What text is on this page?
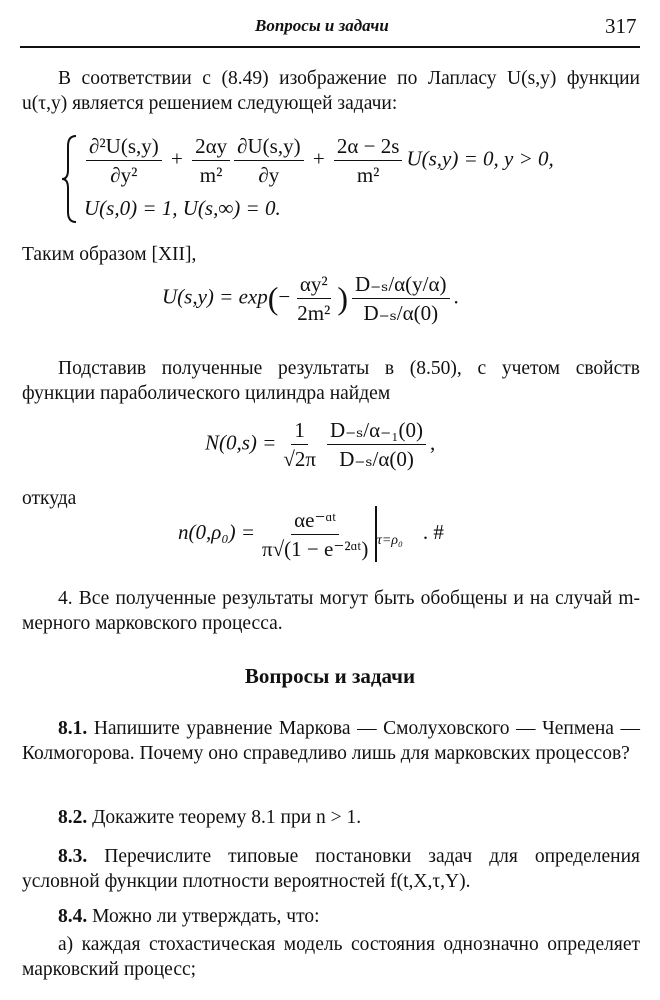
Вопросы и задачи	317
В соответствии с (8.49) изображение по Лапласу U(s,y) функции u(τ,y) является решением следующей задачи:
$\frac{\text{∂²U(s,y)}}{\text{∂y²}} + \frac{2\alpha y}{\text{m²}} \frac{\partial U(s,y)}{\partial y} + \frac{2\alpha - 2s}{\text{m²}} U(s,y) = 0$, y > 0,
U(s,0) = 1, U(s,∞) = 0.
Таким образом [XII],
$U(s,y) = \exp(- \frac{\text{αy²}}{\text{2m²}}$ ) $\frac{\text{D₋ₛ/α(y/α)}}{\text{D₋ₛ/α(0)}}$ .
Подставив полученные результаты в (8.50), с учетом свойств функции параболического цилиндра найдем
$N(0,s) = \frac{1}{√2\pi} \frac{\text{D₋ₛ/α₋₁(0)}}{\text{D₋ₛ/α(0)}}$ ,
откуда
$n(0,\rho_0) = \frac{\text{αe⁻ᵅᵗ}}{\text{π√(1 − e⁻²ᵅᵗ)}} _{\tau=\rho_0}$ . #
4. Все полученные результаты могут быть обобщены и на случай m-мерного марковского процесса.
Вопросы и задачи
8.1. Напишите уравнение Маркова — Смолуховского — Чепмена — Колмогорова. Почему оно справедливо лишь для марковских процессов?
8.2. Докажите теорему 8.1 при n > 1.
8.3. Перечислите типовые постановки задач для определения условной функции плотности вероятностей f(t,X,τ,Y).
8.4. Можно ли утверждать, что:
а) каждая стохастическая модель состояния однозначно определяет марковский процесс;
